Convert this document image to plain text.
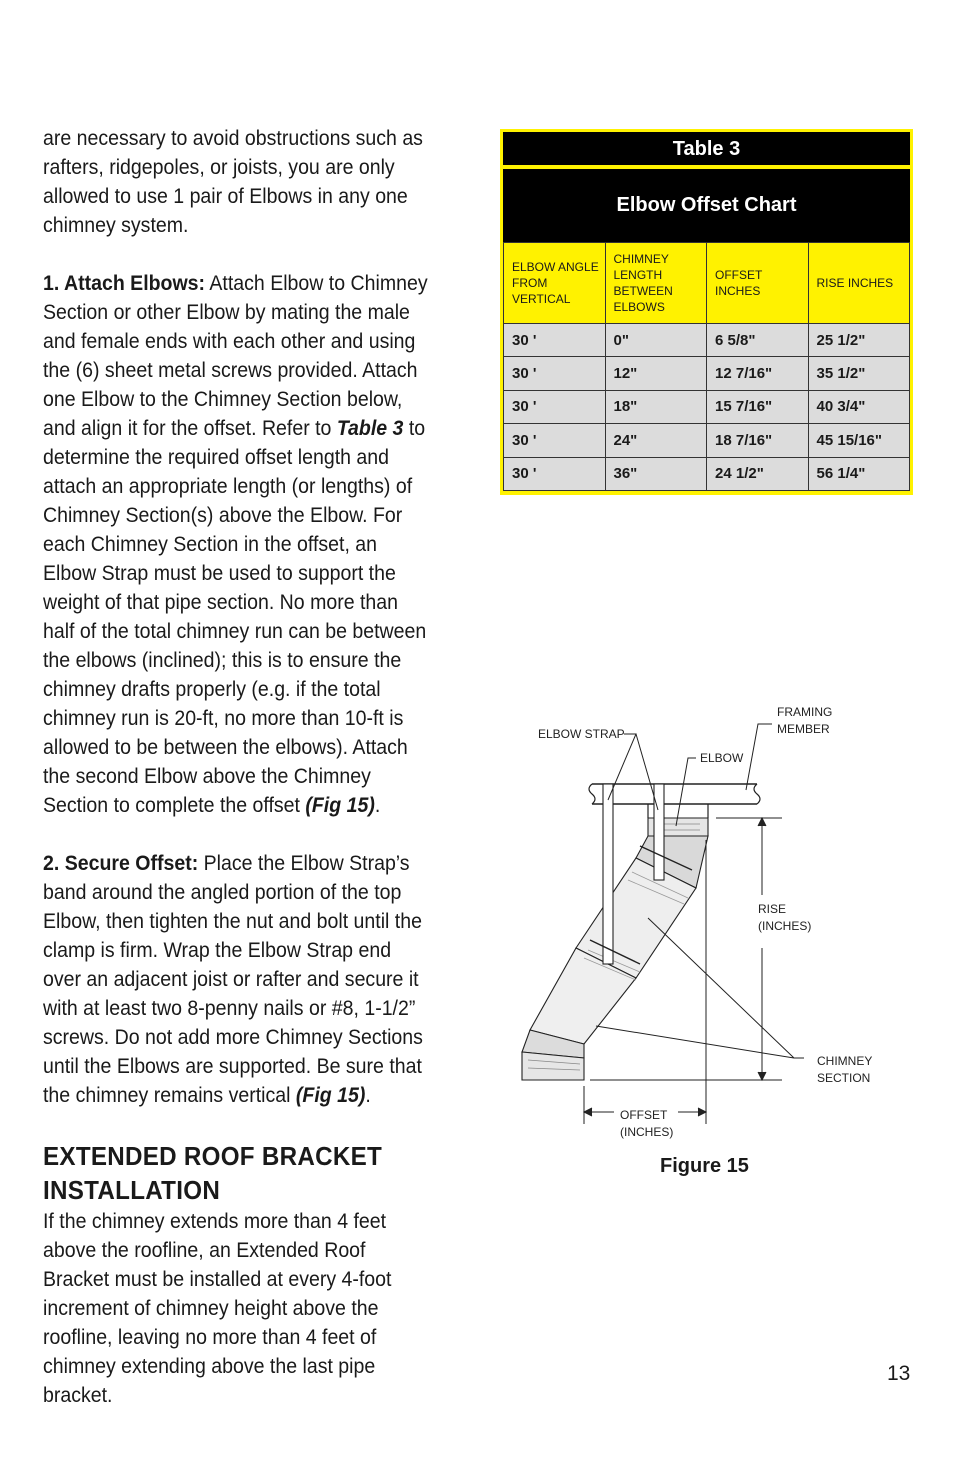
are necessary to avoid obstructions such as rafters, ridgepoles, or joists, you are only allowed to use 1 pair of Elbows in any one chimney system.

1. Attach Elbows: Attach Elbow to Chimney Section or other Elbow by mating the male and female ends with each other and using the (6) sheet metal screws provided. Attach one Elbow to the Chimney Section below, and align it for the offset. Refer to Table 3 to determine the required offset length and attach an appropriate length (or lengths) of Chimney Section(s) above the Elbow. For each Chimney Section in the offset, an Elbow Strap must be used to support the weight of that pipe section. No more than half of the total chimney run can be between the elbows (inclined); this is to ensure the chimney drafts properly (e.g. if the total chimney run is 20-ft, no more than 10-ft is allowed to be between the elbows). Attach the second Elbow above the Chimney Section to complete the offset (Fig 15).

2. Secure Offset: Place the Elbow Strap’s band around the angled portion of the top Elbow, then tighten the nut and bolt until the clamp is firm. Wrap the Elbow Strap end over an adjacent joist or rafter and secure it with at least two 8-penny nails or #8, 1-1/2” screws. Do not add more Chimney Sections until the Elbows are supported. Be sure that the chimney remains vertical (Fig 15).

EXTENDED ROOF BRACKET INSTALLATION

If the chimney extends more than 4 feet above the roofline, an Extended Roof Bracket must be installed at every 4-foot increment of chimney height above the roofline, leaving no more than 4 feet of chimney extending above the last pipe bracket.

Table 3
Elbow Offset Chart
ELBOW ANGLE FROM VERTICAL	CHIMNEY LENGTH BETWEEN ELBOWS	OFFSET INCHES	RISE INCHES
30 '	0"	6 5/8"	25 1/2"
30 '	12"	12 7/16"	35 1/2"
30 '	18"	15 7/16"	40 3/4"
30 '	24"	18 7/16"	45 15/16"
30 '	36"	24 1/2"	56 1/4"
ELBOW STRAP
FRAMING
MEMBER
ELBOW
RISE
(INCHES)
CHIMNEY
SECTION
OFFSET
(INCHES)
Figure 15
13
